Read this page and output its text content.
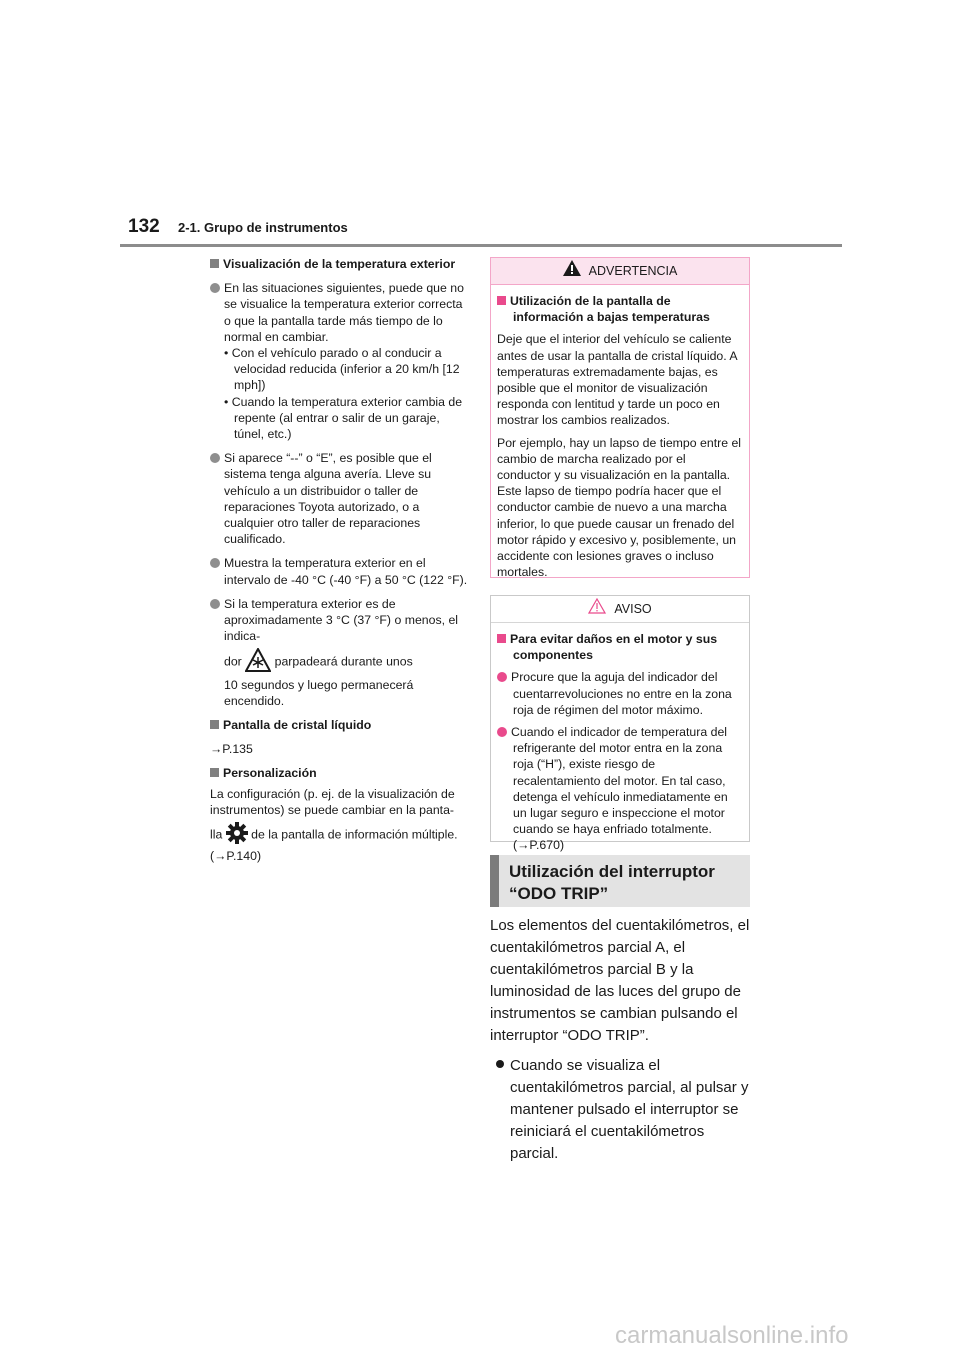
132 2-1. Grupo de instrumentos
Visualización de la temperatura exterior
En las situaciones siguientes, puede que no se visualice la temperatura exterior correcta o que la pantalla tarde más tiempo de lo normal en cambiar.
• Con el vehículo parado o al conducir a velocidad reducida (inferior a 20 km/h [12 mph])
• Cuando la temperatura exterior cambia de repente (al entrar o salir de un garaje, túnel, etc.)
Si aparece “--” o “E”, es posible que el sistema tenga alguna avería. Lleve su vehículo a un distribuidor o taller de reparaciones Toyota autorizado, o a cualquier otro taller de reparaciones cualificado.
Muestra la temperatura exterior en el intervalo de -40 °C (-40 °F) a 50 °C (122 °F).
Si la temperatura exterior es de aproximadamente 3 °C (37 °F) o menos, el indica-
dor	parpadeará durante unos
10 segundos y luego permanecerá encendido.
Pantalla de cristal líquido
→P.135
Personalización
La configuración (p. ej. de la visualización de instrumentos) se puede cambiar en la panta-
lla de la pantalla de información múltiple.
(→P.140)
ADVERTENCIA
Utilización de la pantalla de información a bajas temperaturas
Deje que el interior del vehículo se caliente antes de usar la pantalla de cristal líquido. A temperaturas extremadamente bajas, es posible que el monitor de visualización responda con lentitud y tarde un poco en mostrar los cambios realizados.
Por ejemplo, hay un lapso de tiempo entre el cambio de marcha realizado por el conductor y su visualización en la pantalla. Este lapso de tiempo podría hacer que el conductor cambie de nuevo a una marcha inferior, lo que puede causar un frenado del motor rápido y excesivo y, posiblemente, un accidente con lesiones graves o incluso mortales.
AVISO
Para evitar daños en el motor y sus componentes
Procure que la aguja del indicador del cuentarrevoluciones no entre en la zona roja de régimen del motor máximo.
Cuando el indicador de temperatura del refrigerante del motor entra en la zona roja (“H”), existe riesgo de recalentamiento del motor. En tal caso, detenga el vehículo inmediatamente en un lugar seguro e inspeccione el motor cuando se haya enfriado totalmente. (→P.670)
Utilización del interruptor
“ODO TRIP”
Los elementos del cuentakilómetros, el cuentakilómetros parcial A, el cuentakilómetros parcial B y la luminosidad de las luces del grupo de instrumentos se cambian pulsando el interruptor “ODO TRIP”.
Cuando se visualiza el cuentakilómetros parcial, al pulsar y mantener pulsado el interruptor se reiniciará el cuentakilómetros parcial.
carmanualsonline.info
